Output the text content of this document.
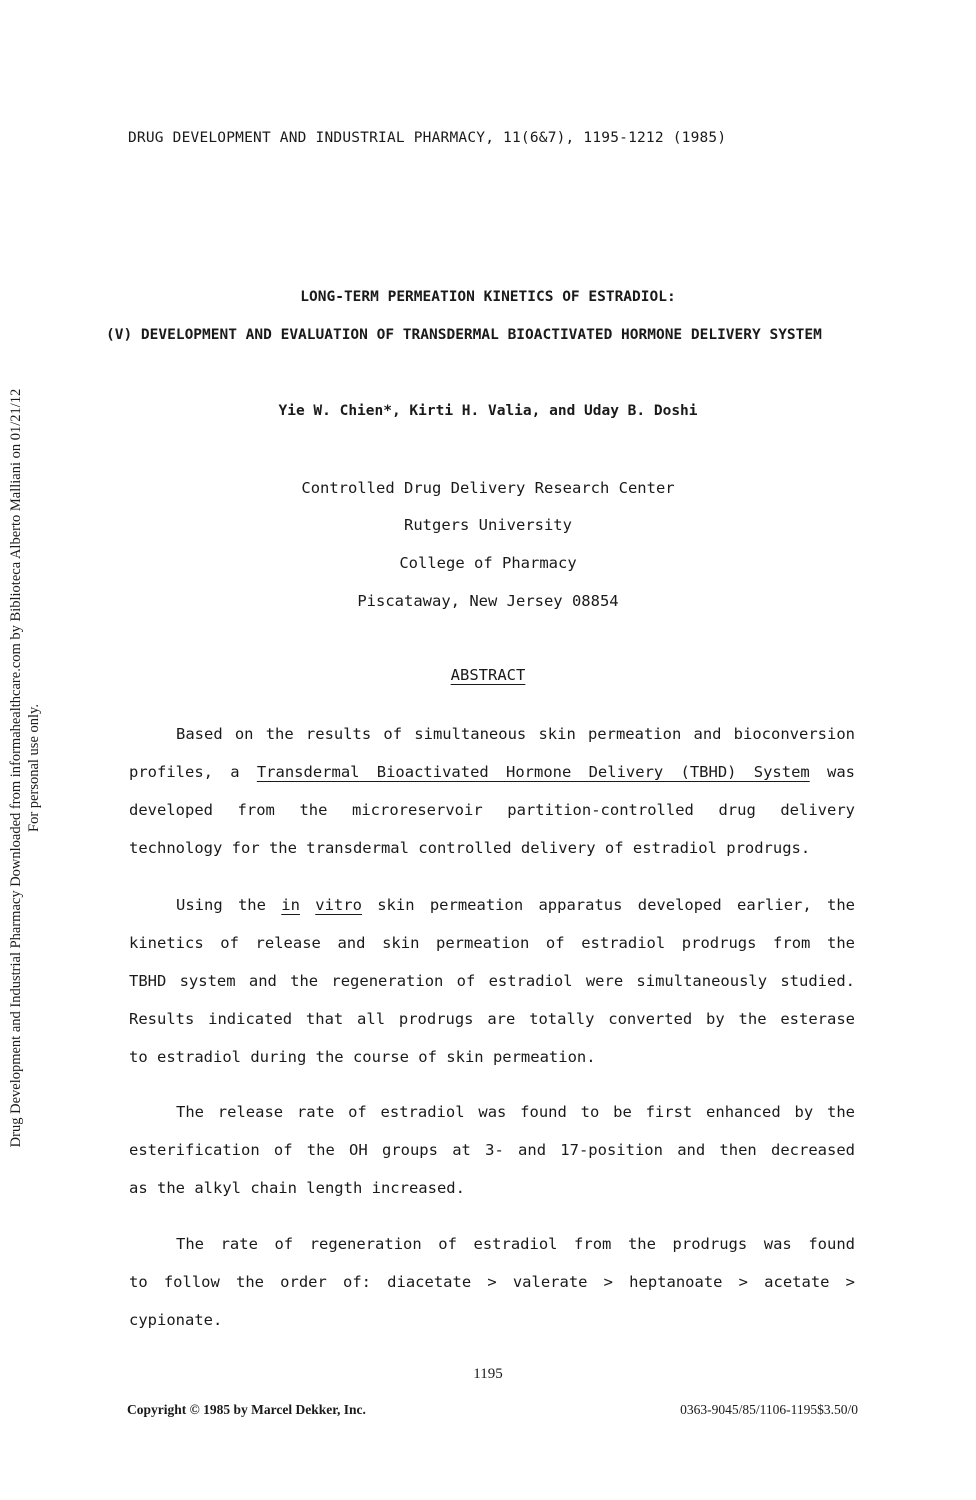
DRUG DEVELOPMENT AND INDUSTRIAL PHARMACY, 11(6&7), 1195-1212 (1985)
LONG-TERM PERMEATION KINETICS OF ESTRADIOL:
(V) DEVELOPMENT AND EVALUATION OF TRANSDERMAL BIOACTIVATED HORMONE DELIVERY SYSTEM
Yie W. Chien*, Kirti H. Valia, and Uday B. Doshi
Controlled Drug Delivery Research Center
Rutgers University
College of Pharmacy
Piscataway, New Jersey 08854
ABSTRACT
Based on the results of simultaneous skin permeation and bioconversion
profiles, a Transdermal Bioactivated Hormone Delivery (TBHD) System was
developed from the microreservoir partition-controlled drug delivery
technology for the transdermal controlled delivery of estradiol prodrugs.
Using the in vitro skin permeation apparatus developed earlier, the
kinetics of release and skin permeation of estradiol prodrugs from the
TBHD system and the regeneration of estradiol were simultaneously studied.
Results indicated that all prodrugs are totally converted by the esterase
to estradiol during the course of skin permeation.
The release rate of estradiol was found to be first enhanced by the
esterification of the OH groups at 3- and 17-position and then decreased
as the alkyl chain length increased.
The rate of regeneration of estradiol from the prodrugs was found
to follow the order of: diacetate > valerate > heptanoate > acetate >
cypionate.
1195
Copyright © 1985 by Marcel Dekker, Inc.	0363-9045/85/1106-1195$3.50/0
Drug Development and Industrial Pharmacy Downloaded from informahealthcare.com by Biblioteca Alberto Malliani on 01/21/12 For personal use only.
